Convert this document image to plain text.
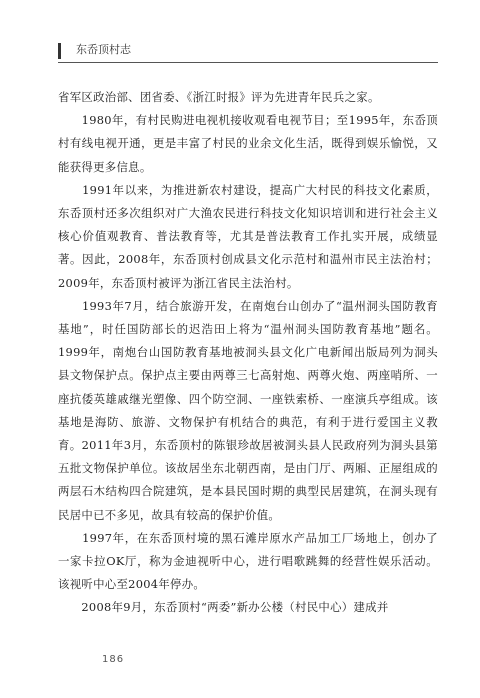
东岙顶村志

省军区政治部、团省委、《浙江时报》评为先进青年民兵之家。

　　1980年，有村民购进电视机接收观看电视节目；至1995年，东岙顶村有线电视开通，更是丰富了村民的业余文化生活，既得到娱乐愉悦，又能获得更多信息。

　　1991年以来，为推进新农村建设，提高广大村民的科技文化素质，东岙顶村还多次组织对广大渔农民进行科技文化知识培训和进行社会主义核心价值观教育、普法教育等，尤其是普法教育工作扎实开展，成绩显著。因此，2008年，东岙顶村创成县文化示范村和温州市民主法治村；2009年，东岙顶村被评为浙江省民主法治村。

　　1993年7月，结合旅游开发，在南炮台山创办了“温州洞头国防教育基地”，时任国防部长的迟浩田上将为“温州洞头国防教育基地”题名。1999年，南炮台山国防教育基地被洞头县文化广电新闻出版局列为洞头县文物保护点。保护点主要由两尊三七高射炮、两尊火炮、两座哨所、一座抗倭英雄戚继光塑像、四个防空洞、一座铁索桥、一座演兵亭组成。该基地是海防、旅游、文物保护有机结合的典范，有利于进行爱国主义教育。2011年3月，东岙顶村的陈银珍故居被洞头县人民政府列为洞头县第五批文物保护单位。该故居坐东北朝西南，是由门厅、两厢、正屋组成的两层石木结构四合院建筑，是本县民国时期的典型民居建筑，在洞头现有民居中已不多见，故具有较高的保护价值。

　　1997年，在东岙顶村境的黑石滩岸原水产品加工厂场地上，创办了一家卡拉OK厅，称为金迪视听中心，进行唱歌跳舞的经营性娱乐活动。该视听中心至2004年停办。

　　2008年9月，东岙顶村“两委”新办公楼（村民中心）建成并

186
